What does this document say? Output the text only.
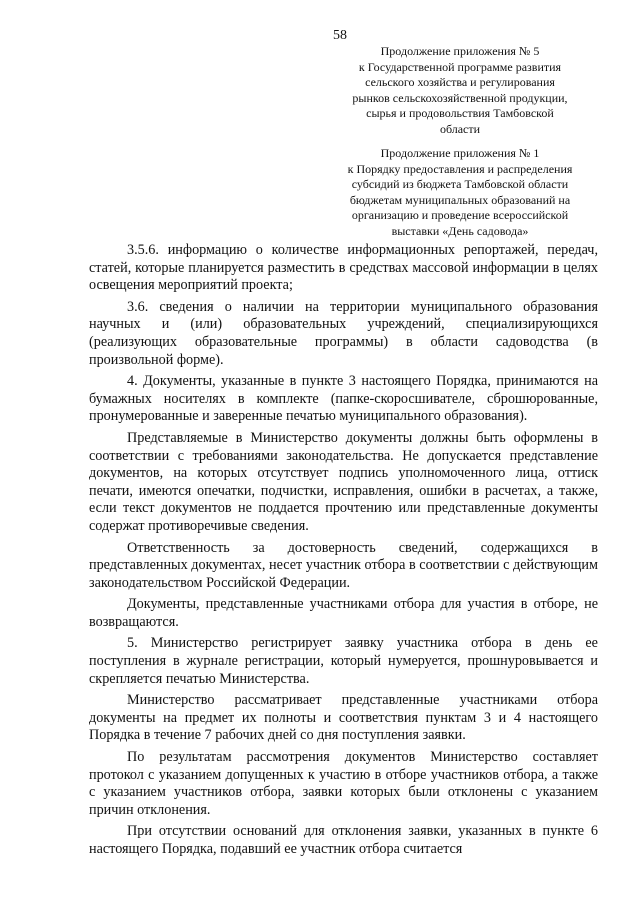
58
Продолжение приложения № 5
к Государственной программе развития
сельского хозяйства и регулирования
рынков сельскохозяйственной продукции,
сырья и продовольствия Тамбовской
области
Продолжение приложения № 1
к Порядку предоставления и распределения
субсидий из бюджета Тамбовской области
бюджетам муниципальных образований на
организацию и проведение всероссийской
выставки «День садовода»

3.5.6. информацию о количестве информационных репортажей, передач, статей, которые планируется разместить в средствах массовой информации в целях освещения мероприятий проекта;

3.6. сведения о наличии на территории муниципального образования научных и (или) образовательных учреждений, специализирующихся (реализующих образовательные программы) в области садоводства (в произвольной форме).

4. Документы, указанные в пункте 3 настоящего Порядка, принимаются на бумажных носителях в комплекте (папке-скоросшивателе, сброшюрованные, пронумерованные и заверенные печатью муниципального образования).

Представляемые в Министерство документы должны быть оформлены в соответствии с требованиями законодательства. Не допускается представление документов, на которых отсутствует подпись уполномоченного лица, оттиск печати, имеются опечатки, подчистки, исправления, ошибки в расчетах, а также, если текст документов не поддается прочтению или представленные документы содержат противоречивые сведения.

Ответственность за достоверность сведений, содержащихся в представленных документах, несет участник отбора в соответствии с действующим законодательством Российской Федерации.

Документы, представленные участниками отбора для участия в отборе, не возвращаются.

5. Министерство регистрирует заявку участника отбора в день ее поступления в журнале регистрации, который нумеруется, прошнуровывается и скрепляется печатью Министерства.

Министерство рассматривает представленные участниками отбора документы на предмет их полноты и соответствия пунктам 3 и 4 настоящего Порядка в течение 7 рабочих дней со дня поступления заявки.

По результатам рассмотрения документов Министерство составляет протокол с указанием допущенных к участию в отборе участников отбора, а также с указанием участников отбора, заявки которых были отклонены с указанием причин отклонения.

При отсутствии оснований для отклонения заявки, указанных в пункте 6 настоящего Порядка, подавший ее участник отбора считается
